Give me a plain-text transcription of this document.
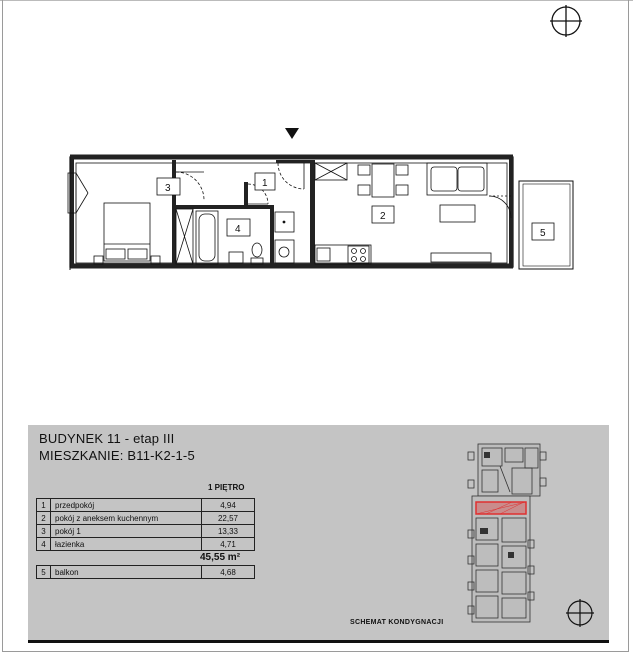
1
2
3
4	5
BUDYNEK 11 - etap III
MIESZKANIE: B11-K2-1-5
1 PIĘTRO
1	przedpokój	4,94
2	pokój z aneksem kuchennym	22,57
3	pokój 1	13,33
4	łazienka	4,71
45,55 m²
5	balkon	4,68
SCHEMAT KONDYGNACJI
